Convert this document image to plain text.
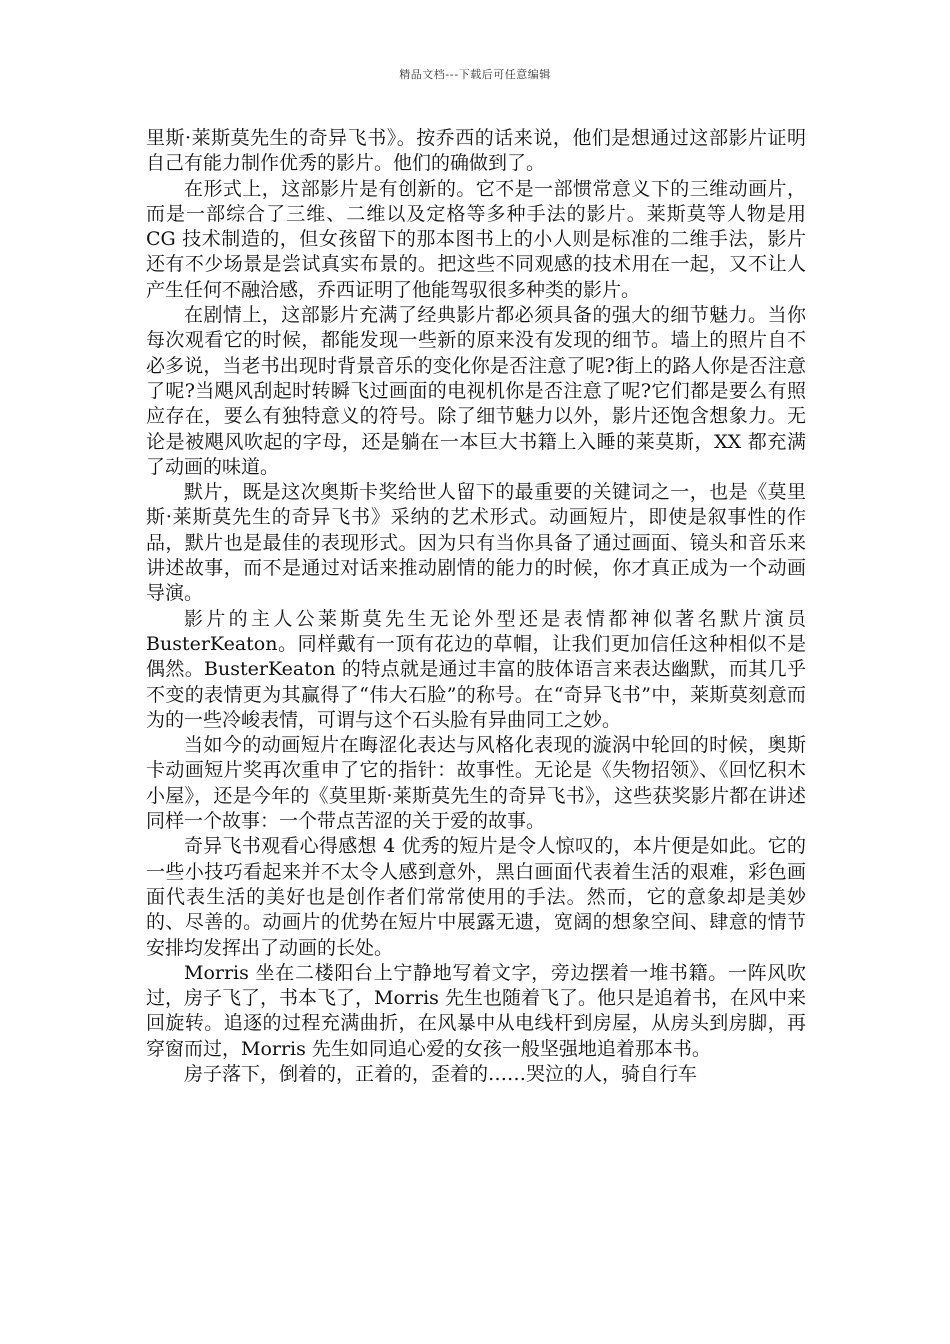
精品文档---下载后可任意编辑

里斯·莱斯莫先生的奇异飞书》。按乔西的话来说，他们是想通过这部影片证明自己有能力制作优秀的影片。他们的确做到了。

在形式上，这部影片是有创新的。它不是一部惯常意义下的三维动画片，而是一部综合了三维、二维以及定格等多种手法的影片。莱斯莫等人物是用 CG 技术制造的，但女孩留下的那本图书上的小人则是标准的二维手法，影片还有不少场景是尝试真实布景的。把这些不同观感的技术用在一起，又不让人产生任何不融洽感，乔西证明了他能驾驭很多种类的影片。

在剧情上，这部影片充满了经典影片都必须具备的强大的细节魅力。当你每次观看它的时候，都能发现一些新的原来没有发现的细节。墙上的照片自不必多说，当老书出现时背景音乐的变化你是否注意了呢?街上的路人你是否注意了呢?当飓风刮起时转瞬飞过画面的电视机你是否注意了呢?它们都是要么有照应存在，要么有独特意义的符号。除了细节魅力以外，影片还饱含想象力。无论是被飓风吹起的字母，还是躺在一本巨大书籍上入睡的莱莫斯，XX 都充满了动画的味道。

默片，既是这次奥斯卡奖给世人留下的最重要的关键词之一，也是《莫里斯·莱斯莫先生的奇异飞书》采纳的艺术形式。动画短片，即使是叙事性的作品，默片也是最佳的表现形式。因为只有当你具备了通过画面、镜头和音乐来讲述故事，而不是通过对话来推动剧情的能力的时候，你才真正成为一个动画导演。

影片的主人公莱斯莫先生无论外型还是表情都神似著名默片演员 BusterKeaton。同样戴有一顶有花边的草帽，让我们更加信任这种相似不是偶然。BusterKeaton 的特点就是通过丰富的肢体语言来表达幽默，而其几乎不变的表情更为其赢得了“伟大石脸”的称号。在“奇异飞书”中，莱斯莫刻意而为的一些冷峻表情，可谓与这个石头脸有异曲同工之妙。

当如今的动画短片在晦涩化表达与风格化表现的漩涡中轮回的时候，奥斯卡动画短片奖再次重申了它的指针：故事性。无论是《失物招领》、《回忆积木小屋》，还是今年的《莫里斯·莱斯莫先生的奇异飞书》，这些获奖影片都在讲述同样一个故事：一个带点苦涩的关于爱的故事。

奇异飞书观看心得感想 4 优秀的短片是令人惊叹的，本片便是如此。它的一些小技巧看起来并不太令人感到意外，黑白画面代表着生活的艰难，彩色画面代表生活的美好也是创作者们常常使用的手法。然而，它的意象却是美妙的、尽善的。动画片的优势在短片中展露无遗，宽阔的想象空间、肆意的情节安排均发挥出了动画的长处。

Morris 坐在二楼阳台上宁静地写着文字，旁边摆着一堆书籍。一阵风吹过，房子飞了，书本飞了，Morris 先生也随着飞了。他只是追着书，在风中来回旋转。追逐的过程充满曲折，在风暴中从电线杆到房屋，从房头到房脚，再穿窗而过，Morris 先生如同追心爱的女孩一般坚强地追着那本书。

房子落下，倒着的，正着的，歪着的……哭泣的人，骑自行车
